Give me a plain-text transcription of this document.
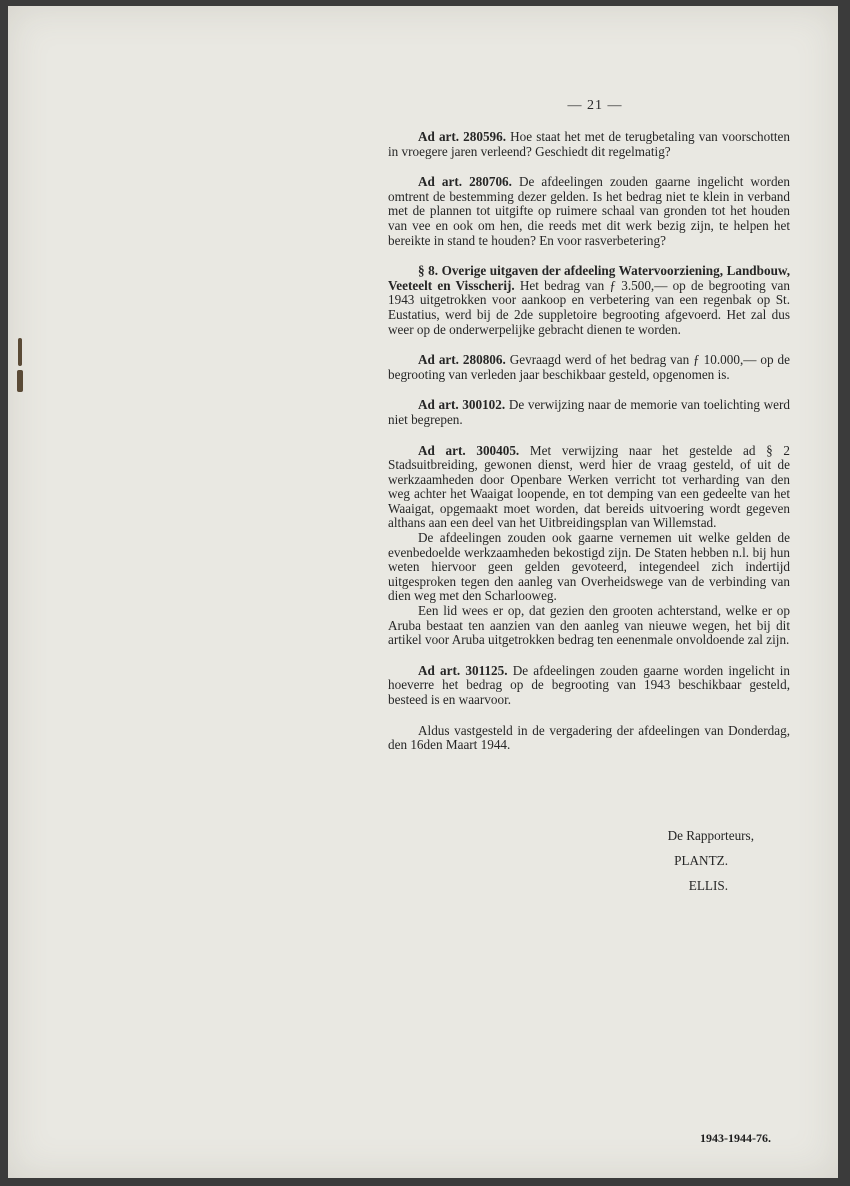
— 21 —

Ad art. 280596. Hoe staat het met de terugbetaling van voorschotten in vroegere jaren verleend? Geschiedt dit regelmatig?

Ad art. 280706. De afdeelingen zouden gaarne ingelicht worden omtrent de bestemming dezer gelden. Is het bedrag niet te klein in verband met de plannen tot uitgifte op ruimere schaal van gronden tot het houden van vee en ook om hen, die reeds met dit werk bezig zijn, te helpen het bereikte in stand te houden? En voor rasverbetering?

§ 8. Overige uitgaven der afdeeling Watervoorziening, Landbouw, Veeteelt en Visscherij. Het bedrag van ƒ 3.500,— op de begrooting van 1943 uitgetrokken voor aankoop en verbetering van een regenbak op St. Eustatius, werd bij de 2de suppletoire begrooting afgevoerd. Het zal dus weer op de onderwerpelijke gebracht dienen te worden.

Ad art. 280806. Gevraagd werd of het bedrag van ƒ 10.000,— op de begrooting van verleden jaar beschikbaar gesteld, opgenomen is.

Ad art. 300102. De verwijzing naar de memorie van toelichting werd niet begrepen.

Ad art. 300405. Met verwijzing naar het gestelde ad § 2 Stadsuitbreiding, gewonen dienst, werd hier de vraag gesteld, of uit de werkzaamheden door Openbare Werken verricht tot verharding van den weg achter het Waaigat loopende, en tot demping van een gedeelte van het Waaigat, opgemaakt moet worden, dat bereids uitvoering wordt gegeven althans aan een deel van het Uitbreidingsplan van Willemstad.

De afdeelingen zouden ook gaarne vernemen uit welke gelden de evenbedoelde werkzaamheden bekostigd zijn. De Staten hebben n.l. bij hun weten hiervoor geen gelden gevoteerd, integendeel zich indertijd uitgesproken tegen den aanleg van Overheidswege van de verbinding van dien weg met den Scharlooweg.

Een lid wees er op, dat gezien den grooten achterstand, welke er op Aruba bestaat ten aanzien van den aanleg van nieuwe wegen, het bij dit artikel voor Aruba uitgetrokken bedrag ten eenenmale onvoldoende zal zijn.

Ad art. 301125. De afdeelingen zouden gaarne worden ingelicht in hoeverre het bedrag op de begrooting van 1943 beschikbaar gesteld, besteed is en waarvoor.

Aldus vastgesteld in de vergadering der afdeelingen van Donderdag, den 16den Maart 1944.

De Rapporteurs,
PLANTZ.
ELLIS.
1943-1944-76.
